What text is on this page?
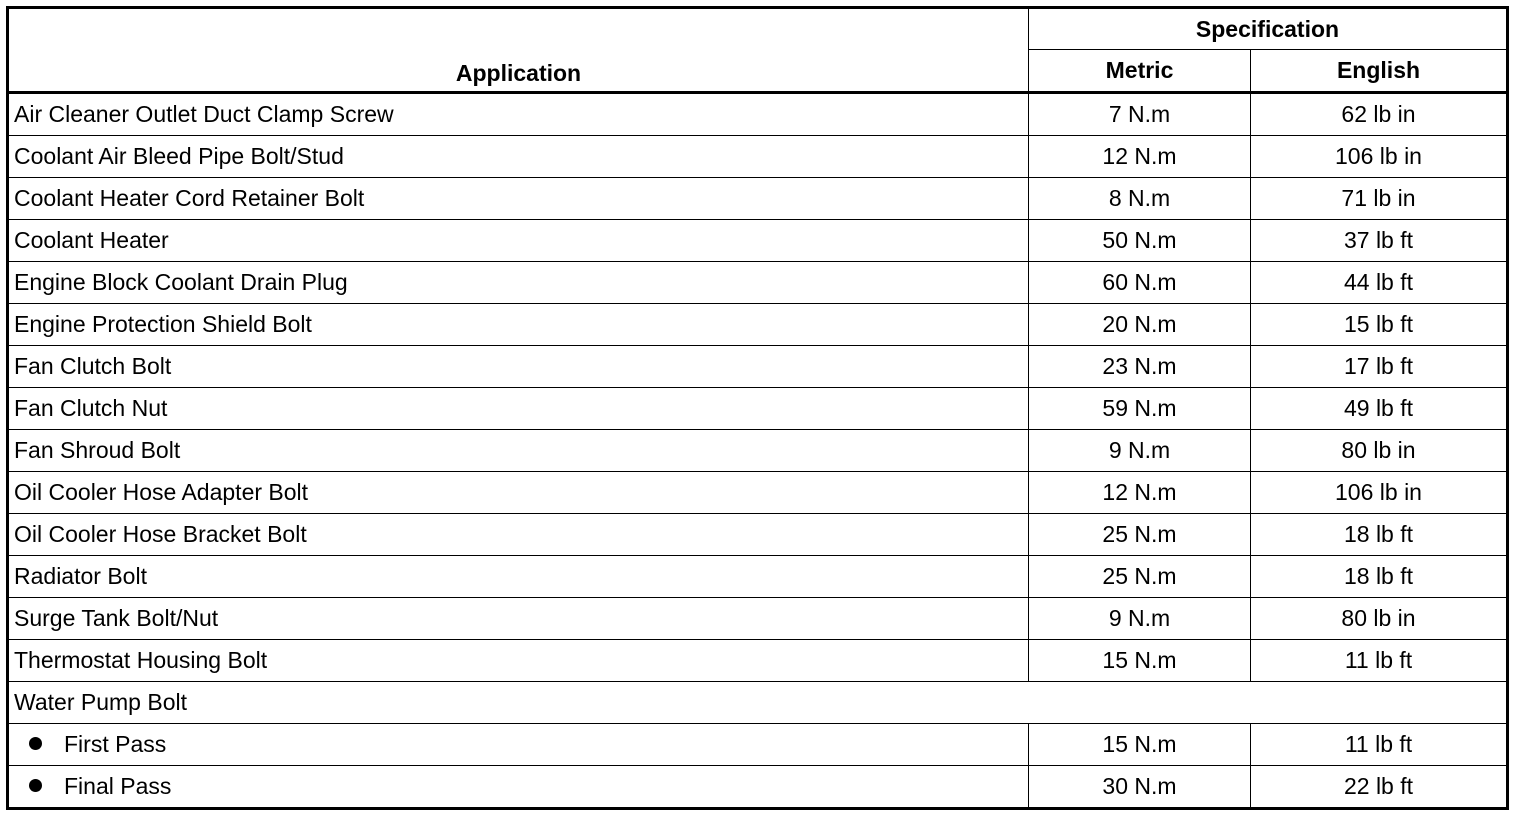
Application	Specification	
	Metric	English
Air Cleaner Outlet Duct Clamp Screw	7 N.m	62 lb in
Coolant Air Bleed Pipe Bolt/Stud	12 N.m	106 lb in
Coolant Heater Cord Retainer Bolt	8 N.m	71 lb in
Coolant Heater	50 N.m	37 lb ft
Engine Block Coolant Drain Plug	60 N.m	44 lb ft
Engine Protection Shield Bolt	20 N.m	15 lb ft
Fan Clutch Bolt	23 N.m	17 lb ft
Fan Clutch Nut	59 N.m	49 lb ft
Fan Shroud Bolt	9 N.m	80 lb in
Oil Cooler Hose Adapter Bolt	12 N.m	106 lb in
Oil Cooler Hose Bracket Bolt	25 N.m	18 lb ft
Radiator Bolt	25 N.m	18 lb ft
Surge Tank Bolt/Nut	9 N.m	80 lb in
Thermostat Housing Bolt	15 N.m	11 lb ft
Water Pump Bolt		
First Pass	15 N.m	11 lb ft
Final Pass	30 N.m	22 lb ft
